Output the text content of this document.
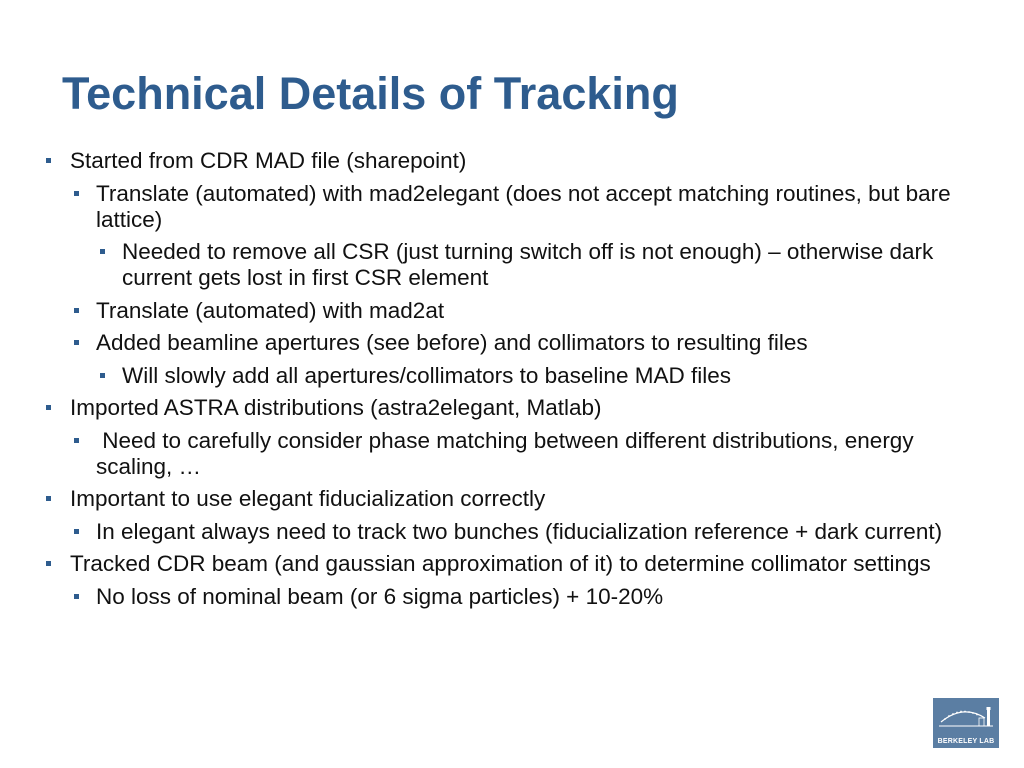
Technical Details of Tracking
Started from CDR MAD file (sharepoint)
Translate (automated) with mad2elegant (does not accept matching routines, but bare lattice)
Needed to remove all CSR (just turning switch off is not enough) – otherwise dark current gets lost in first CSR element
Translate (automated) with mad2at
Added beamline apertures (see before) and collimators to resulting files
Will slowly add all apertures/collimators to baseline MAD files
Imported ASTRA distributions (astra2elegant, Matlab)
Need to carefully consider phase matching between different distributions, energy scaling, …
Important to use elegant fiducialization correctly
In elegant always need to track two bunches (fiducialization reference + dark current)
Tracked CDR beam (and gaussian approximation of it) to determine collimator settings
No loss of nominal beam (or 6 sigma particles) + 10-20%
BERKELEY LAB
